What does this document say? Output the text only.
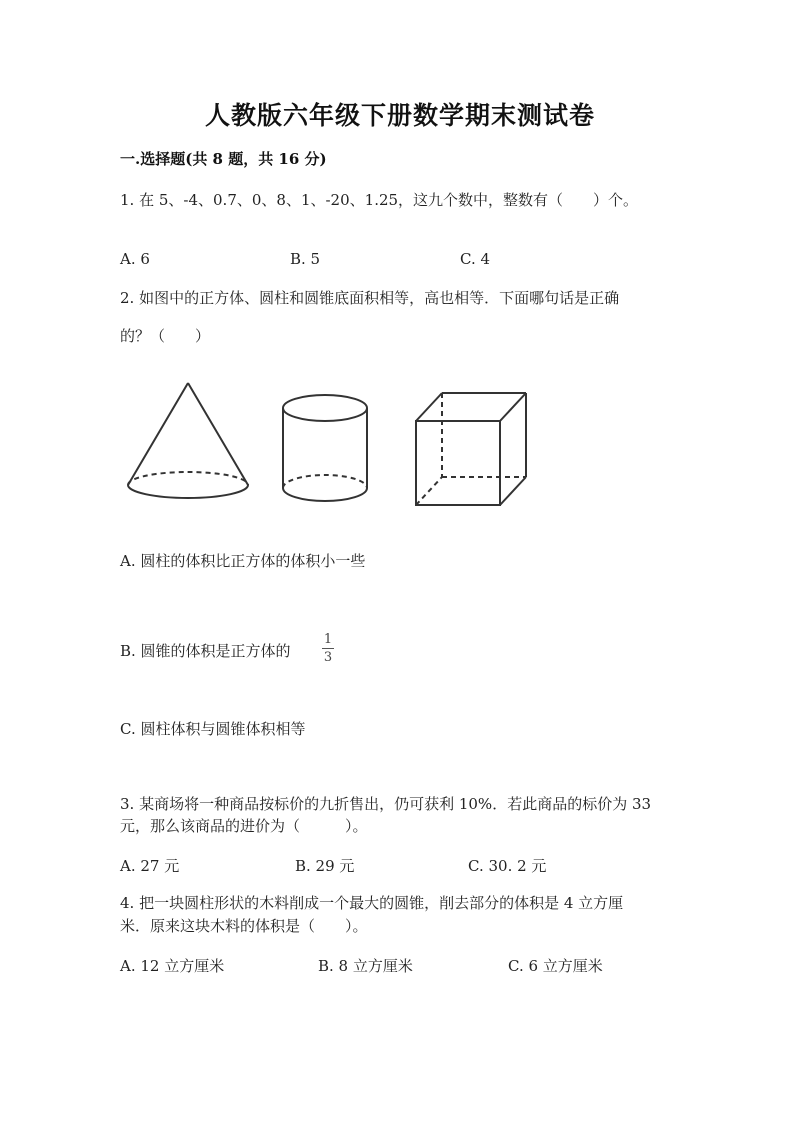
人教版六年级下册数学期末测试卷
一.选择题(共 8 题，共 16 分)
1. 在 5、-4、0.7、0、8、1、-20、1.25，这九个数中，整数有（　　）个。
A. 6	B. 5	C. 4
2. 如图中的正方体、圆柱和圆锥底面积相等，高也相等．下面哪句话是正确
的？（　　）
A. 圆柱的体积比正方体的体积小一些
B. 圆锥的体积是正方体的
1
3
C. 圆柱体积与圆锥体积相等
3. 某商场将一种商品按标价的九折售出，仍可获利 10%．若此商品的标价为 33
元，那么该商品的进价为（　　　）。
A. 27 元	B. 29 元	C. 30. 2 元
4. 把一块圆柱形状的木料削成一个最大的圆锥，削去部分的体积是 4 立方厘
米．原来这块木料的体积是（　　）。
A. 12 立方厘米	B. 8 立方厘米	C. 6 立方厘米
